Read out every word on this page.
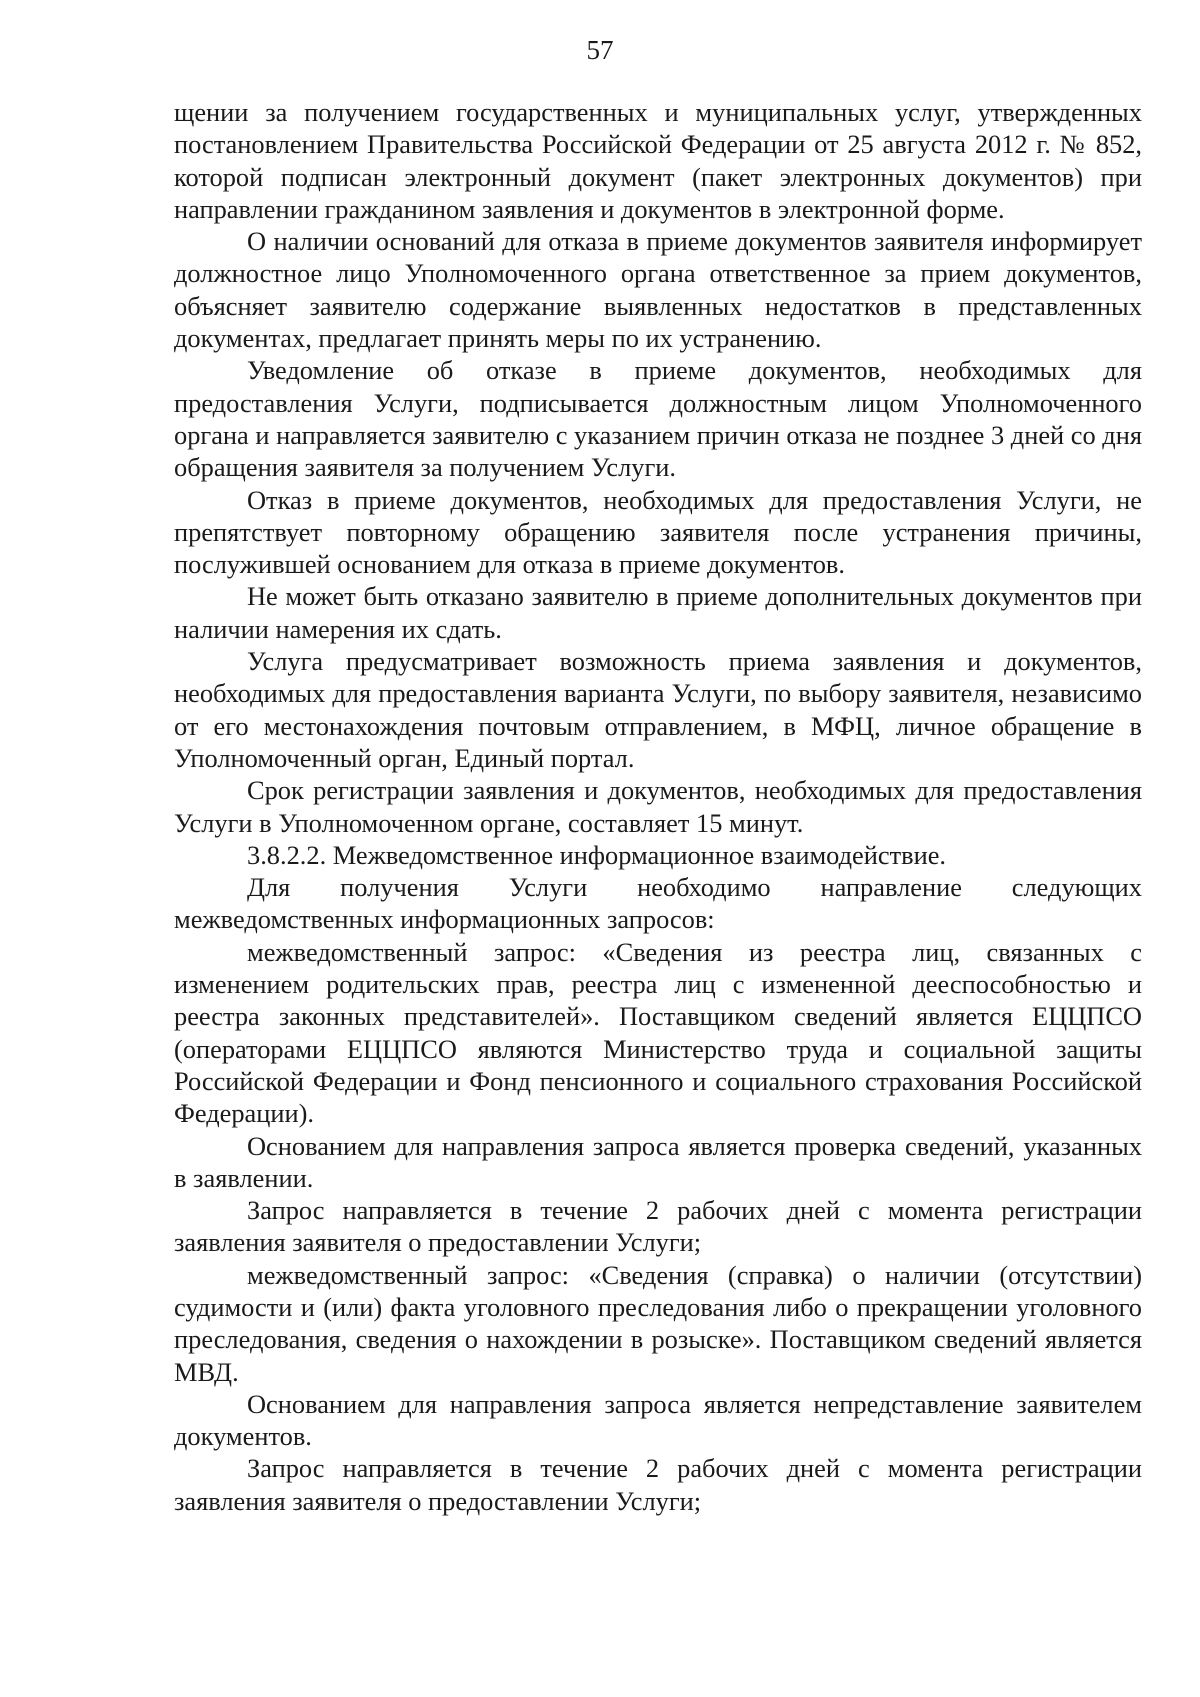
57

щении за получением государственных и муниципальных услуг, утвержденных постановлением Правительства Российской Федерации от 25 августа 2012 г. № 852, которой подписан электронный документ (пакет электронных документов) при направлении гражданином заявления и документов в электронной форме.

О наличии оснований для отказа в приеме документов заявителя информирует должностное лицо Уполномоченного органа ответственное за прием документов, объясняет заявителю содержание выявленных недостатков в представленных документах, предлагает принять меры по их устранению.

Уведомление об отказе в приеме документов, необходимых для предоставления Услуги, подписывается должностным лицом Уполномоченного органа и направляется заявителю с указанием причин отказа не позднее 3 дней со дня обращения заявителя за получением Услуги.

Отказ в приеме документов, необходимых для предоставления Услуги, не препятствует повторному обращению заявителя после устранения причины, послужившей основанием для отказа в приеме документов.

Не может быть отказано заявителю в приеме дополнительных документов при наличии намерения их сдать.

Услуга предусматривает возможность приема заявления и документов, необходимых для предоставления варианта Услуги, по выбору заявителя, независимо от его местонахождения почтовым отправлением, в МФЦ, личное обращение в Уполномоченный орган, Единый портал.

Срок регистрации заявления и документов, необходимых для предоставления Услуги в Уполномоченном органе, составляет 15 минут.

3.8.2.2. Межведомственное информационное взаимодействие.

Для получения Услуги необходимо направление следующих межведомственных информационных запросов:

межведомственный запрос: «Сведения из реестра лиц, связанных с изменением родительских прав, реестра лиц с измененной дееспособностью и реестра законных представителей». Поставщиком сведений является ЕЦЦПСО (операторами ЕЦЦПСО являются Министерство труда и социальной защиты Российской Федерации и Фонд пенсионного и социального страхования Российской Федерации).

Основанием для направления запроса является проверка сведений, указанных в заявлении.

Запрос направляется в течение 2 рабочих дней с момента регистрации заявления заявителя о предоставлении Услуги;

межведомственный запрос: «Сведения (справка) о наличии (отсутствии) судимости и (или) факта уголовного преследования либо о прекращении уголовного преследования, сведения о нахождении в розыске». Поставщиком сведений является МВД.

Основанием для направления запроса является непредставление заявителем документов.

Запрос направляется в течение 2 рабочих дней с момента регистрации заявления заявителя о предоставлении Услуги;
